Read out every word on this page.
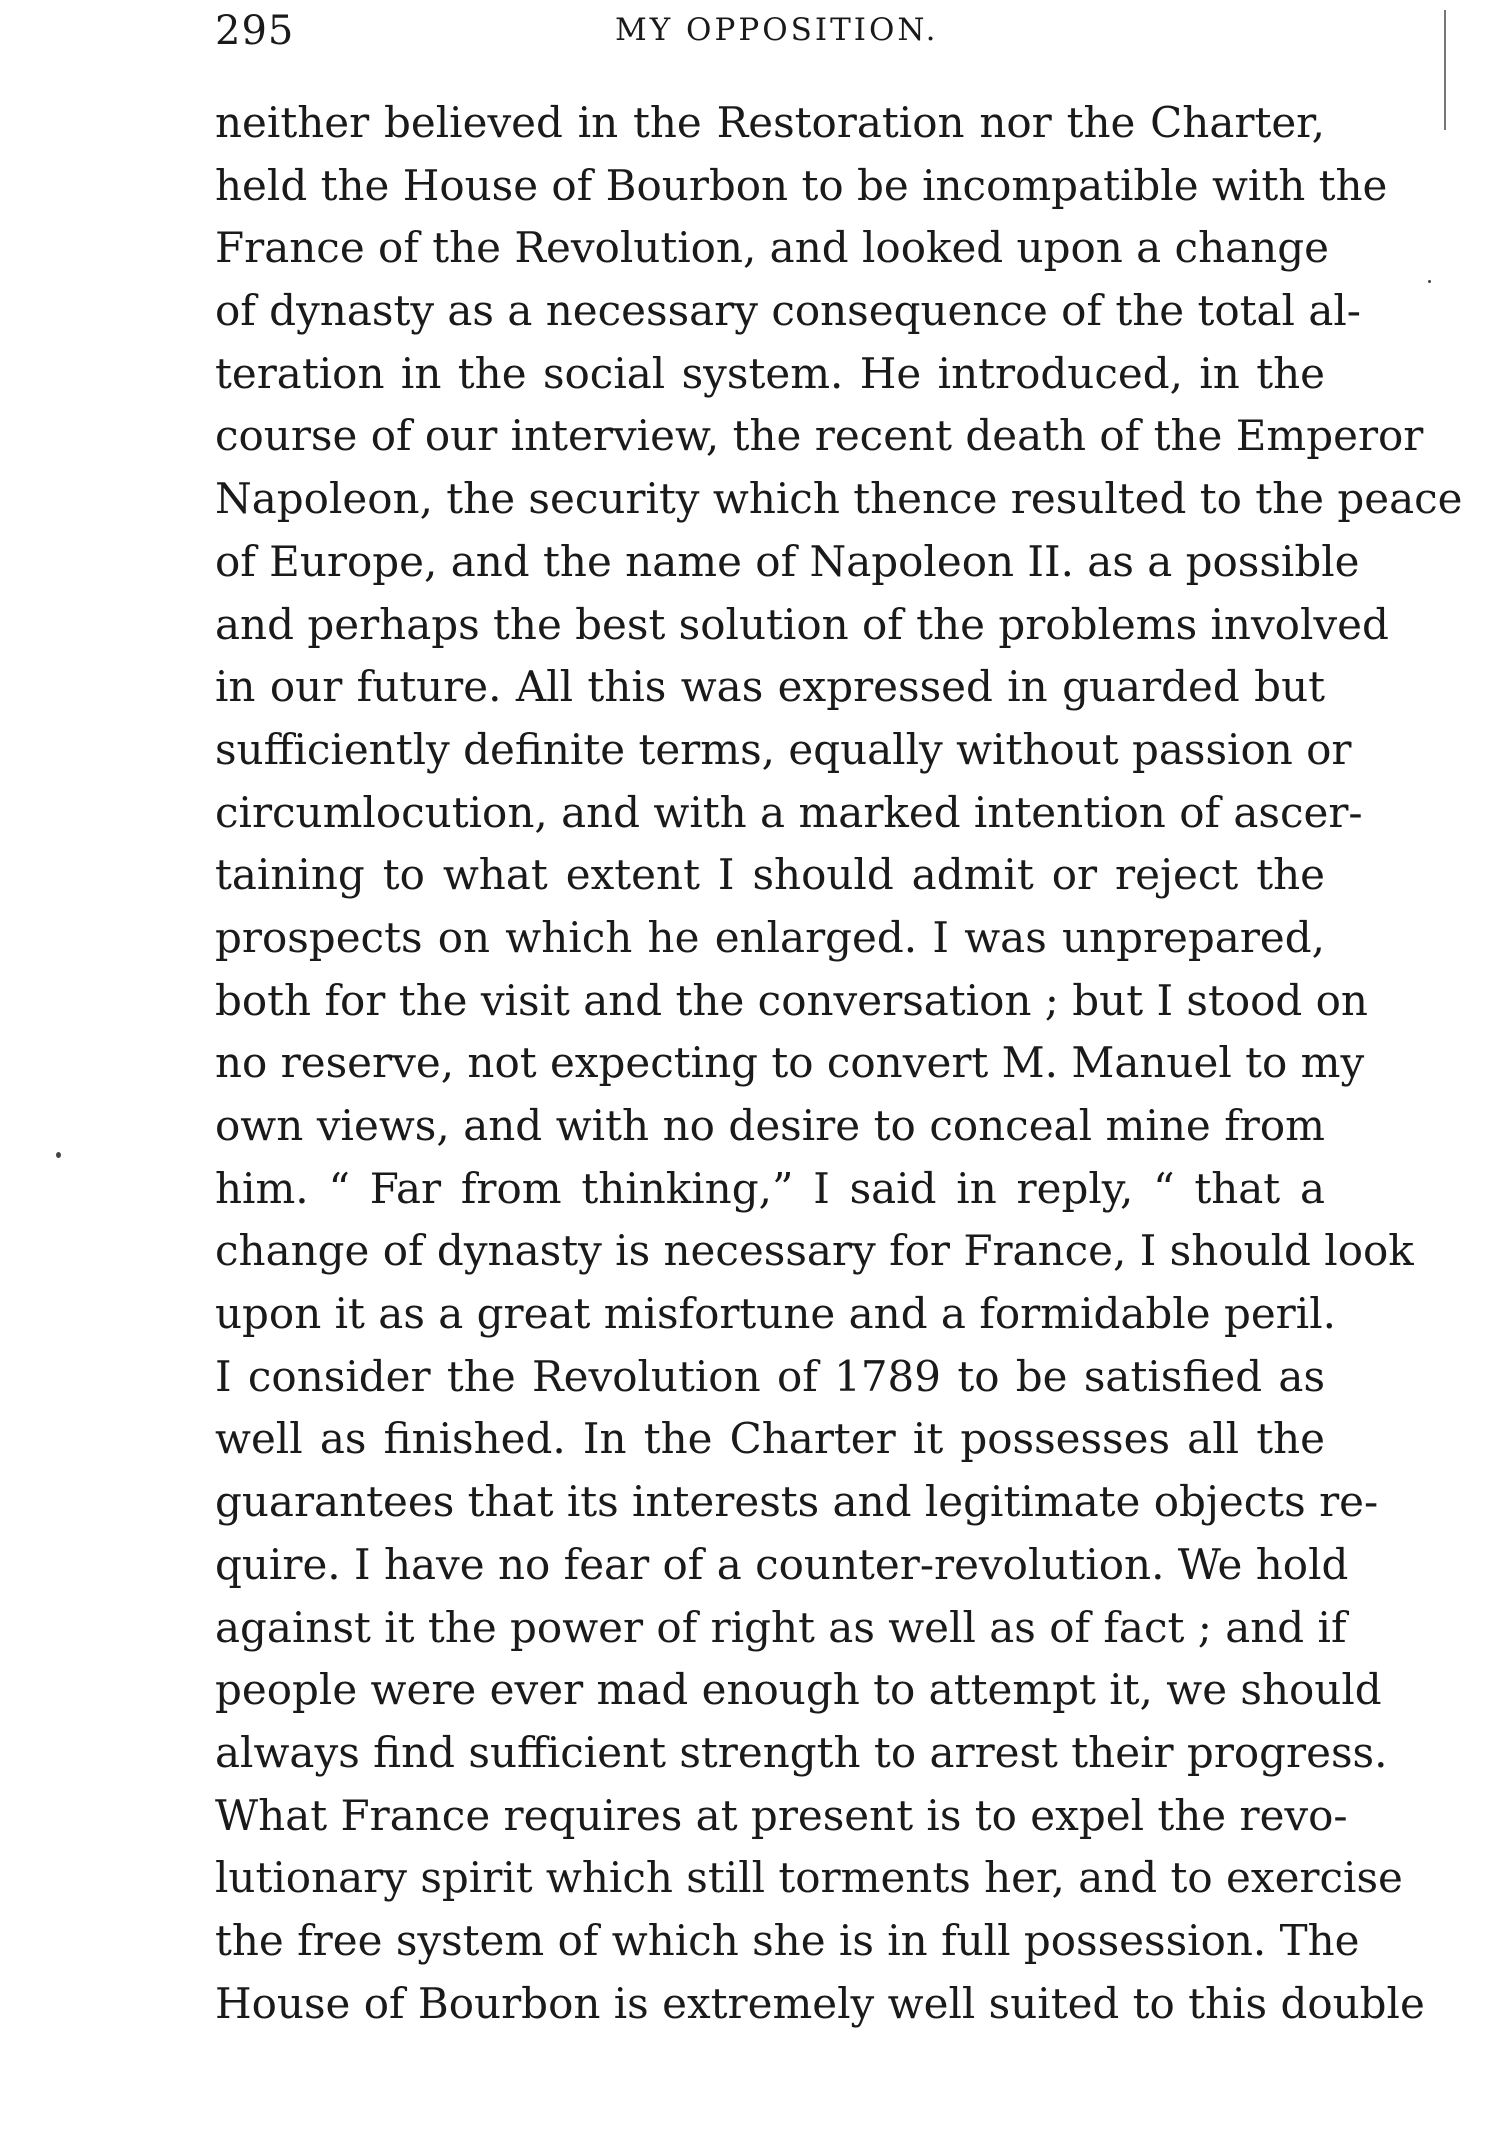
295	MY OPPOSITION.
neither believed in the Restoration nor the Charter,
held the House of Bourbon to be incompatible with the
France of the Revolution, and looked upon a change
of dynasty as a necessary consequence of the total al-
teration in the social system. He introduced, in the
course of our interview, the recent death of the Emperor
Napoleon, the security which thence resulted to the peace
of Europe, and the name of Napoleon II. as a possible
and perhaps the best solution of the problems involved
in our future. All this was expressed in guarded but
sufficiently definite terms, equally without passion or
circumlocution, and with a marked intention of ascer-
taining to what extent I should admit or reject the
prospects on which he enlarged. I was unprepared,
both for the visit and the conversation ; but I stood on
no reserve, not expecting to convert M. Manuel to my
own views, and with no desire to conceal mine from
him. “ Far from thinking,” I said in reply, “ that a
change of dynasty is necessary for France, I should look
upon it as a great misfortune and a formidable peril.
I consider the Revolution of 1789 to be satisfied as
well as finished. In the Charter it possesses all the
guarantees that its interests and legitimate objects re-
quire. I have no fear of a counter-revolution. We hold
against it the power of right as well as of fact ; and if
people were ever mad enough to attempt it, we should
always find sufficient strength to arrest their progress.
What France requires at present is to expel the revo-
lutionary spirit which still torments her, and to exercise
the free system of which she is in full possession. The
House of Bourbon is extremely well suited to this double
